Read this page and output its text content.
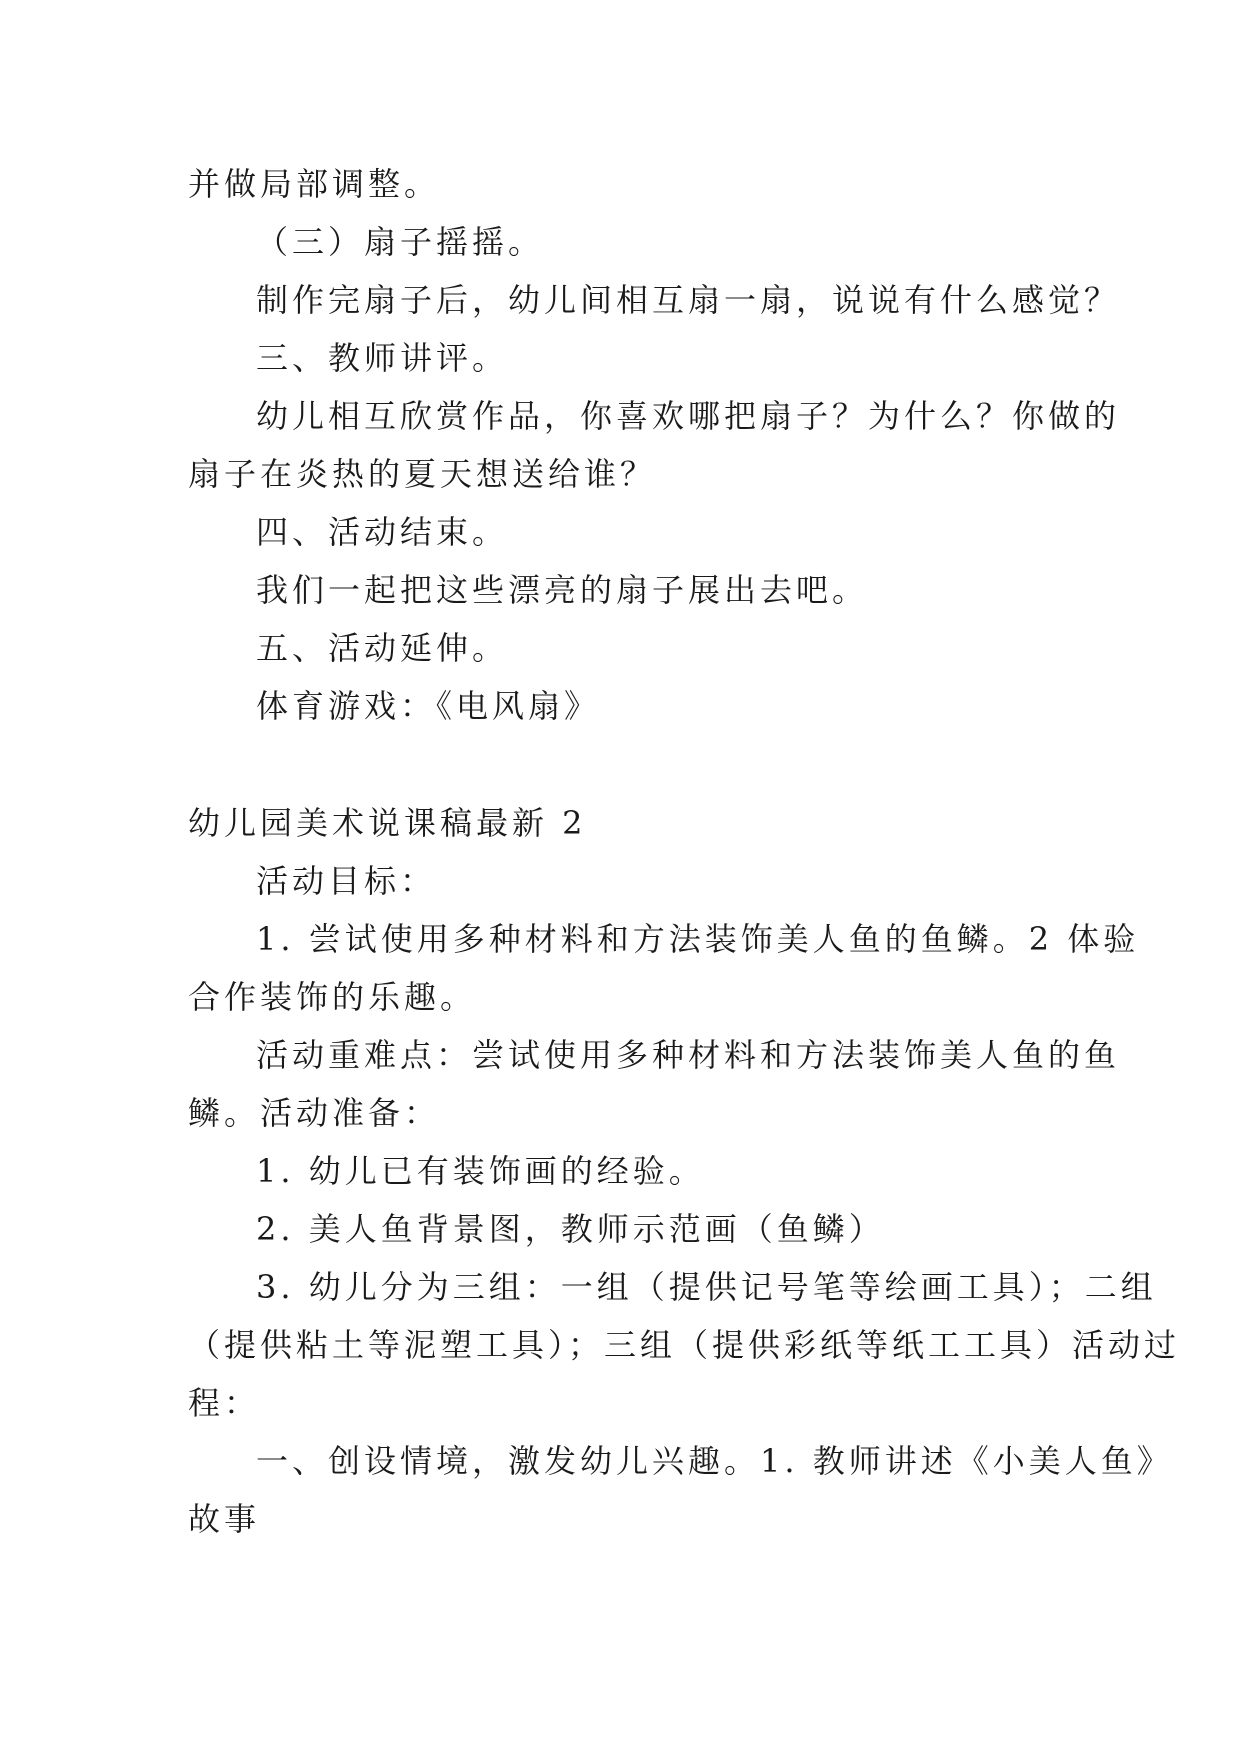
并做局部调整。
（三）扇子摇摇。
制作完扇子后，幼儿间相互扇一扇，说说有什么感觉？
三、教师讲评。
幼儿相互欣赏作品，你喜欢哪把扇子？为什么？你做的
扇子在炎热的夏天想送给谁？
四、活动结束。
我们一起把这些漂亮的扇子展出去吧。
五、活动延伸。
体育游戏：《电风扇》
幼儿园美术说课稿最新 2
活动目标：
1. 尝试使用多种材料和方法装饰美人鱼的鱼鳞。2 体验
合作装饰的乐趣。
活动重难点：尝试使用多种材料和方法装饰美人鱼的鱼
鳞。活动准备：
1. 幼儿已有装饰画的经验。
2. 美人鱼背景图，教师示范画（鱼鳞）
3. 幼儿分为三组：一组（提供记号笔等绘画工具）；二组
（提供粘土等泥塑工具）；三组（提供彩纸等纸工工具）活动过
程：
一、创设情境，激发幼儿兴趣。1. 教师讲述《小美人鱼》
故事
